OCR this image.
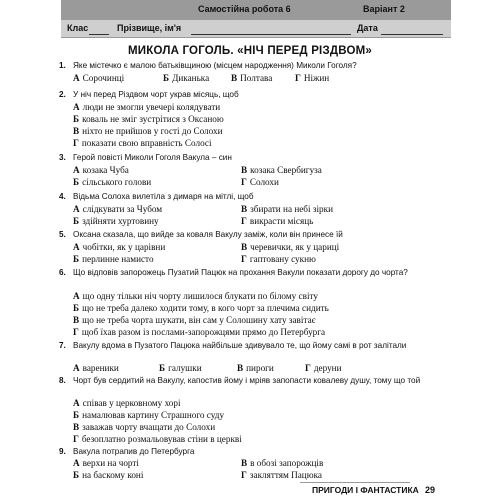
Самостійна робота 6	Варіант 2
Клас	Прізвище, ім'я	Дата
МИКОЛА ГОГОЛЬ. «НІЧ ПЕРЕД РІЗДВОМ»
1. Яке містечко є малою батьківщиною (місцем народження) Миколи Гоголя?
А Сорочинці	Б Диканька В Полтава Г Ніжин
2. У ніч перед Різдвом чорт украв місяць, щоб
А люди не змогли увечері колядувати
Б коваль не зміг зустрітися з Оксаною
В ніхто не прийшов у гості до Солохи
Г показати свою вправність Солосі
3. Герой повісті Миколи Гоголя Вакула – син
А козака Чуба	В козака Свербигуза
Б сільського голови	Г Солохи
4. Відьма Солоха вилетіла з димаря на мітлі, щоб
А слідкувати за Чубом	В збирати на небі зірки
Б здійняти хуртовину	Г викрасти місяць
5. Оксана сказала, що вийде за коваля Вакулу заміж, коли він принесе їй
А чобітки, як у царівни	В черевички, як у цариці
Б перлинне намисто	Г гаптовану сукню
6. Що відповів запорожець Пузатий Пацюк на прохання Вакули показати дорогу до чорта?
А що одну тільки ніч чорту лишилося блукати по білому світу
Б що не треба далеко ходити тому, в кого чорт за плечима сидить
В що не треба чорта шукати, він сам у Солошину хату завітає
Г щоб їхав разом із послами-запорожцями прямо до Петербурга
7. Вакулу вдома в Пузатого Пацюка найбільше здивувало те, що йому самі в рот залітали
А вареники	Б галушки	В пироги	Г деруни
8. Чорт був сердитий на Вакулу, капостив йому і мріяв запопасти ковалеву душу, тому що той
А співав у церковному хорі
Б намалював картину Страшного суду
В заважав чорту вчащати до Солохи
Г безоплатно розмальовував стіни в церкві
9. Вакула потрапив до Петербурга
А верхи на чорті	В в обозі запорожців
Б на баскому коні	Г закляттям Пацюка
ПРИГОДИ І ФАНТАСТИКА 29
